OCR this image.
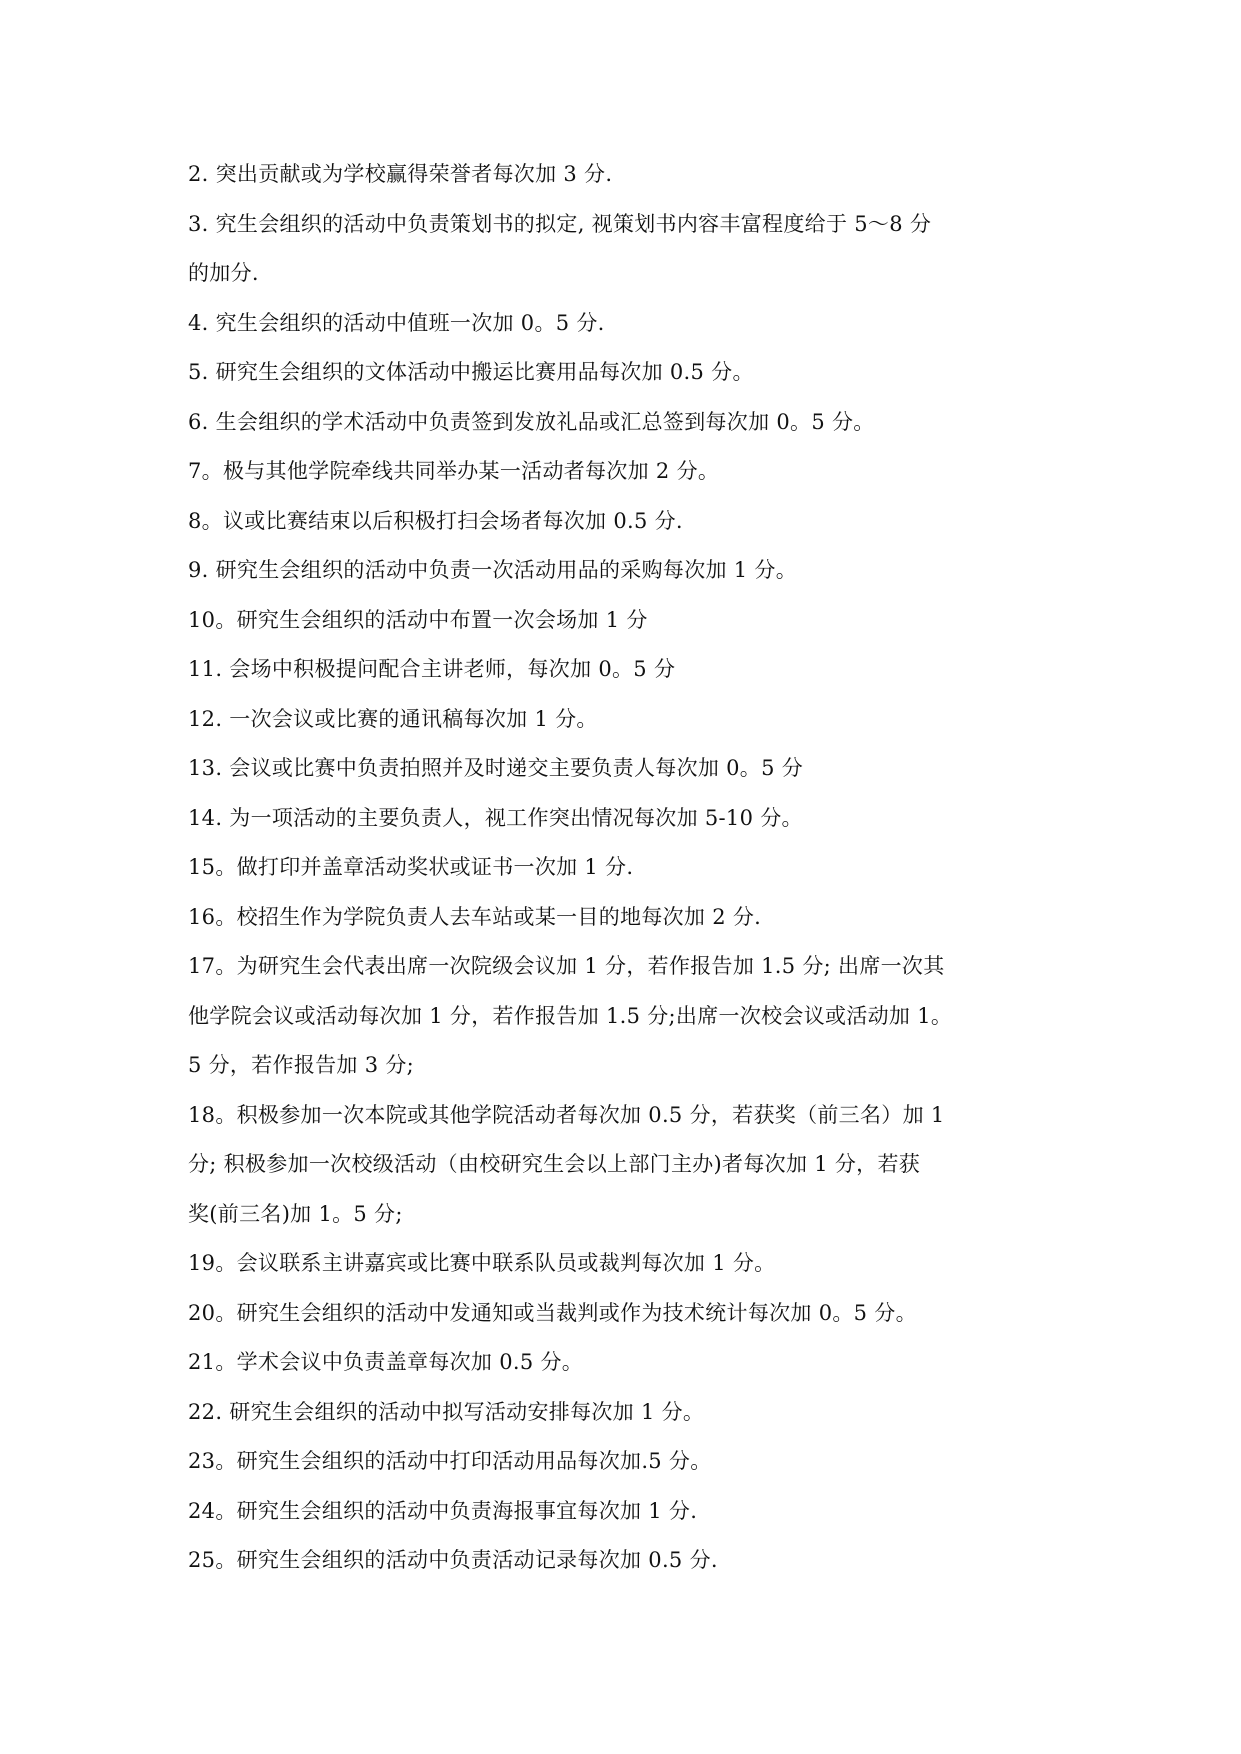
2. 突出贡献或为学校赢得荣誉者每次加 3 分.
3. 究生会组织的活动中负责策划书的拟定, 视策划书内容丰富程度给于 5～8 分
的加分.
4. 究生会组织的活动中值班一次加 0。5 分.
5. 研究生会组织的文体活动中搬运比赛用品每次加 0.5 分。
6. 生会组织的学术活动中负责签到发放礼品或汇总签到每次加 0。5 分。
7。极与其他学院牵线共同举办某一活动者每次加 2 分。
8。议或比赛结束以后积极打扫会场者每次加 0.5 分.
9. 研究生会组织的活动中负责一次活动用品的采购每次加 1 分。
10。研究生会组织的活动中布置一次会场加 1 分
11. 会场中积极提问配合主讲老师，每次加 0。5 分
12. 一次会议或比赛的通讯稿每次加 1 分。
13. 会议或比赛中负责拍照并及时递交主要负责人每次加 0。5 分
14. 为一项活动的主要负责人，视工作突出情况每次加 5-10 分。
15。做打印并盖章活动奖状或证书一次加 1 分.
16。校招生作为学院负责人去车站或某一目的地每次加 2 分.
17。为研究生会代表出席一次院级会议加 1 分，若作报告加 1.5 分; 出席一次其
他学院会议或活动每次加 1 分，若作报告加 1.5 分;出席一次校会议或活动加 1。
5 分，若作报告加 3 分;
18。积极参加一次本院或其他学院活动者每次加 0.5 分，若获奖（前三名）加 1
分; 积极参加一次校级活动（由校研究生会以上部门主办)者每次加 1 分，若获
奖(前三名)加 1。5 分;
19。会议联系主讲嘉宾或比赛中联系队员或裁判每次加 1 分。
20。研究生会组织的活动中发通知或当裁判或作为技术统计每次加 0。5 分。
21。学术会议中负责盖章每次加 0.5 分。
22. 研究生会组织的活动中拟写活动安排每次加 1 分。
23。研究生会组织的活动中打印活动用品每次加.5 分。
24。研究生会组织的活动中负责海报事宜每次加 1 分.
25。研究生会组织的活动中负责活动记录每次加 0.5 分.
